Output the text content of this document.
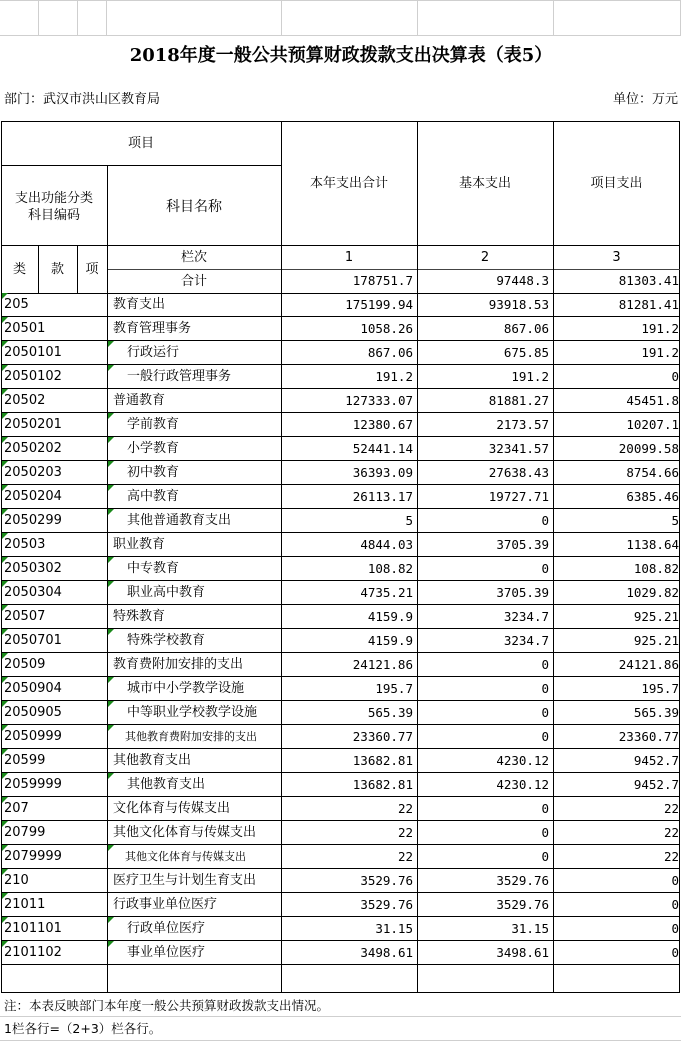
2018年度一般公共预算财政拨款支出决算表（表5）
部门：武汉市洪山区教育局	单位：万元
项目
支出功能分类
科目编码
科目名称
本年支出合计	基本支出	项目支出
类	款	项
栏次	1	2	3
合计	178751.7	97448.3	81303.41
205	教育支出	175199.94	93918.53	81281.41
20501	教育管理事务	1058.26	867.06	191.2
2050101	行政运行	867.06	675.85	191.2
2050102	一般行政管理事务	191.2	191.2	0
20502	普通教育	127333.07	81881.27	45451.8
2050201	学前教育	12380.67	2173.57	10207.1
2050202	小学教育	52441.14	32341.57	20099.58
2050203	初中教育	36393.09	27638.43	8754.66
2050204	高中教育	26113.17	19727.71	6385.46
2050299	其他普通教育支出	5	0	5
20503	职业教育	4844.03	3705.39	1138.64
2050302	中专教育	108.82	0	108.82
2050304	职业高中教育	4735.21	3705.39	1029.82
20507	特殊教育	4159.9	3234.7	925.21
2050701	特殊学校教育	4159.9	3234.7	925.21
20509	教育费附加安排的支出	24121.86	0	24121.86
2050904	城市中小学教学设施	195.7	0	195.7
2050905	中等职业学校教学设施	565.39	0	565.39
2050999	其他教育费附加安排的支出	23360.77	0	23360.77
20599	其他教育支出	13682.81	4230.12	9452.7
2059999	其他教育支出	13682.81	4230.12	9452.7
207	文化体育与传媒支出	22	0	22
20799	其他文化体育与传媒支出	22	0	22
2079999	其他文化体育与传媒支出	22	0	22
210	医疗卫生与计划生育支出	3529.76	3529.76	0
21011	行政事业单位医疗	3529.76	3529.76	0
2101101	行政单位医疗	31.15	31.15	0
2101102	事业单位医疗	3498.61	3498.61	0
注：本表反映部门本年度一般公共预算财政拨款支出情况。
1栏各行=（2+3）栏各行。
